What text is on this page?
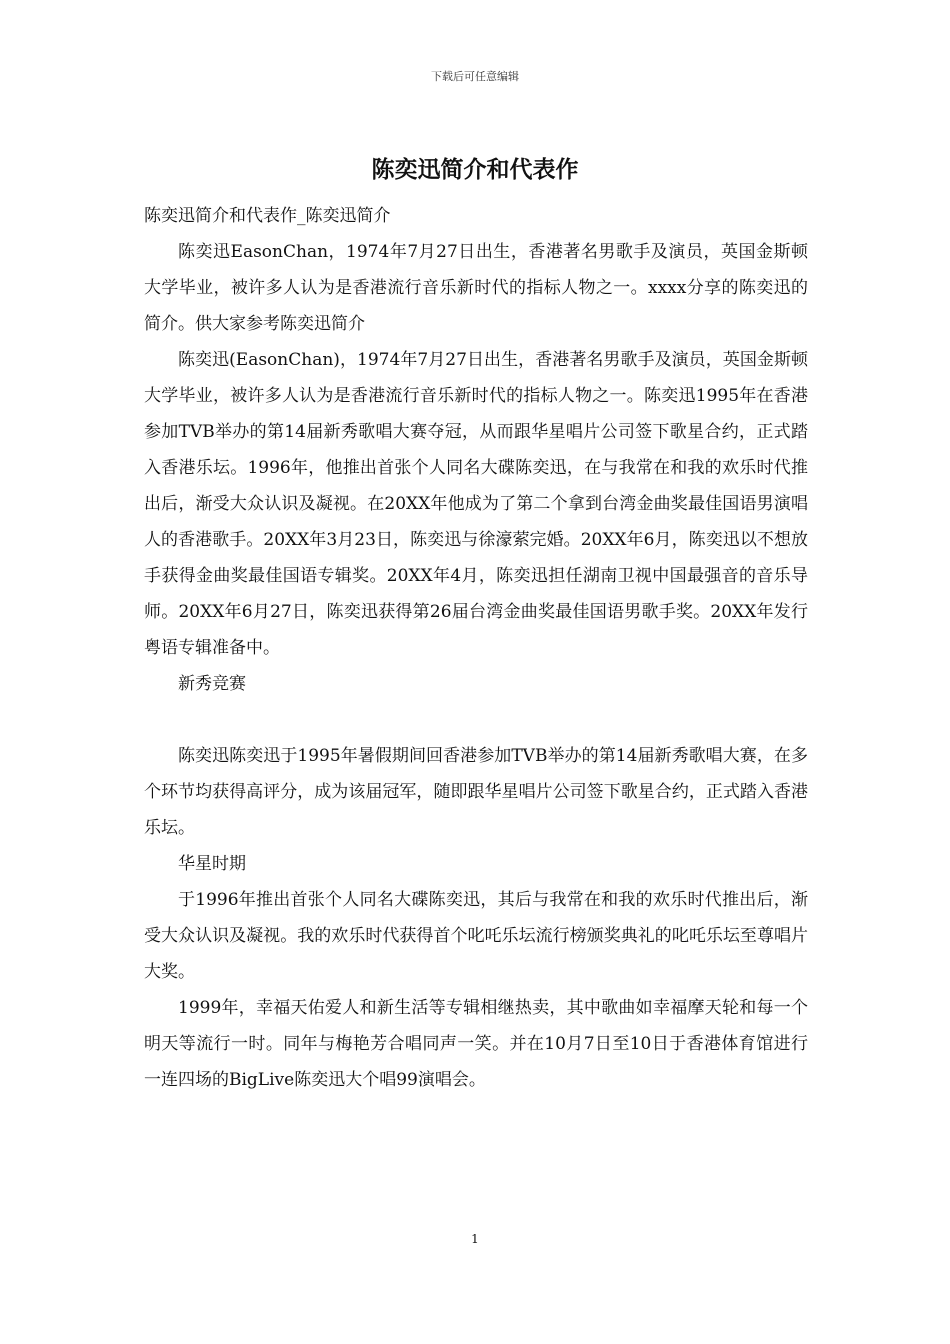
下载后可任意编辑
陈奕迅简介和代表作

陈奕迅简介和代表作_陈奕迅简介

陈奕迅EasonChan，1974年7月27日出生，香港著名男歌手及演员，英国金斯顿大学毕业，被许多人认为是香港流行音乐新时代的指标人物之一。xxxx分享的陈奕迅的简介。供大家参考陈奕迅简介

陈奕迅(EasonChan)，1974年7月27日出生，香港著名男歌手及演员，英国金斯顿大学毕业，被许多人认为是香港流行音乐新时代的指标人物之一。陈奕迅1995年在香港参加TVB举办的第14届新秀歌唱大赛夺冠，从而跟华星唱片公司签下歌星合约，正式踏入香港乐坛。1996年，他推出首张个人同名大碟陈奕迅，在与我常在和我的欢乐时代推出后，渐受大众认识及凝视。在20XX年他成为了第二个拿到台湾金曲奖最佳国语男演唱人的香港歌手。20XX年3月23日，陈奕迅与徐濠萦完婚。20XX年6月，陈奕迅以不想放手获得金曲奖最佳国语专辑奖。20XX年4月，陈奕迅担任湖南卫视中国最强音的音乐导师。20XX年6月27日，陈奕迅获得第26届台湾金曲奖最佳国语男歌手奖。20XX年发行粤语专辑准备中。

新秀竞赛

陈奕迅陈奕迅于1995年暑假期间回香港参加TVB举办的第14届新秀歌唱大赛，在多个环节均获得高评分，成为该届冠军，随即跟华星唱片公司签下歌星合约，正式踏入香港乐坛。

华星时期

于1996年推出首张个人同名大碟陈奕迅，其后与我常在和我的欢乐时代推出后，渐受大众认识及凝视。我的欢乐时代获得首个叱吒乐坛流行榜颁奖典礼的叱吒乐坛至尊唱片大奖。

1999年，幸福天佑爱人和新生活等专辑相继热卖，其中歌曲如幸福摩天轮和每一个明天等流行一时。同年与梅艳芳合唱同声一笑。并在10月7日至10日于香港体育馆进行一连四场的BigLive陈奕迅大个唱99演唱会。

1
